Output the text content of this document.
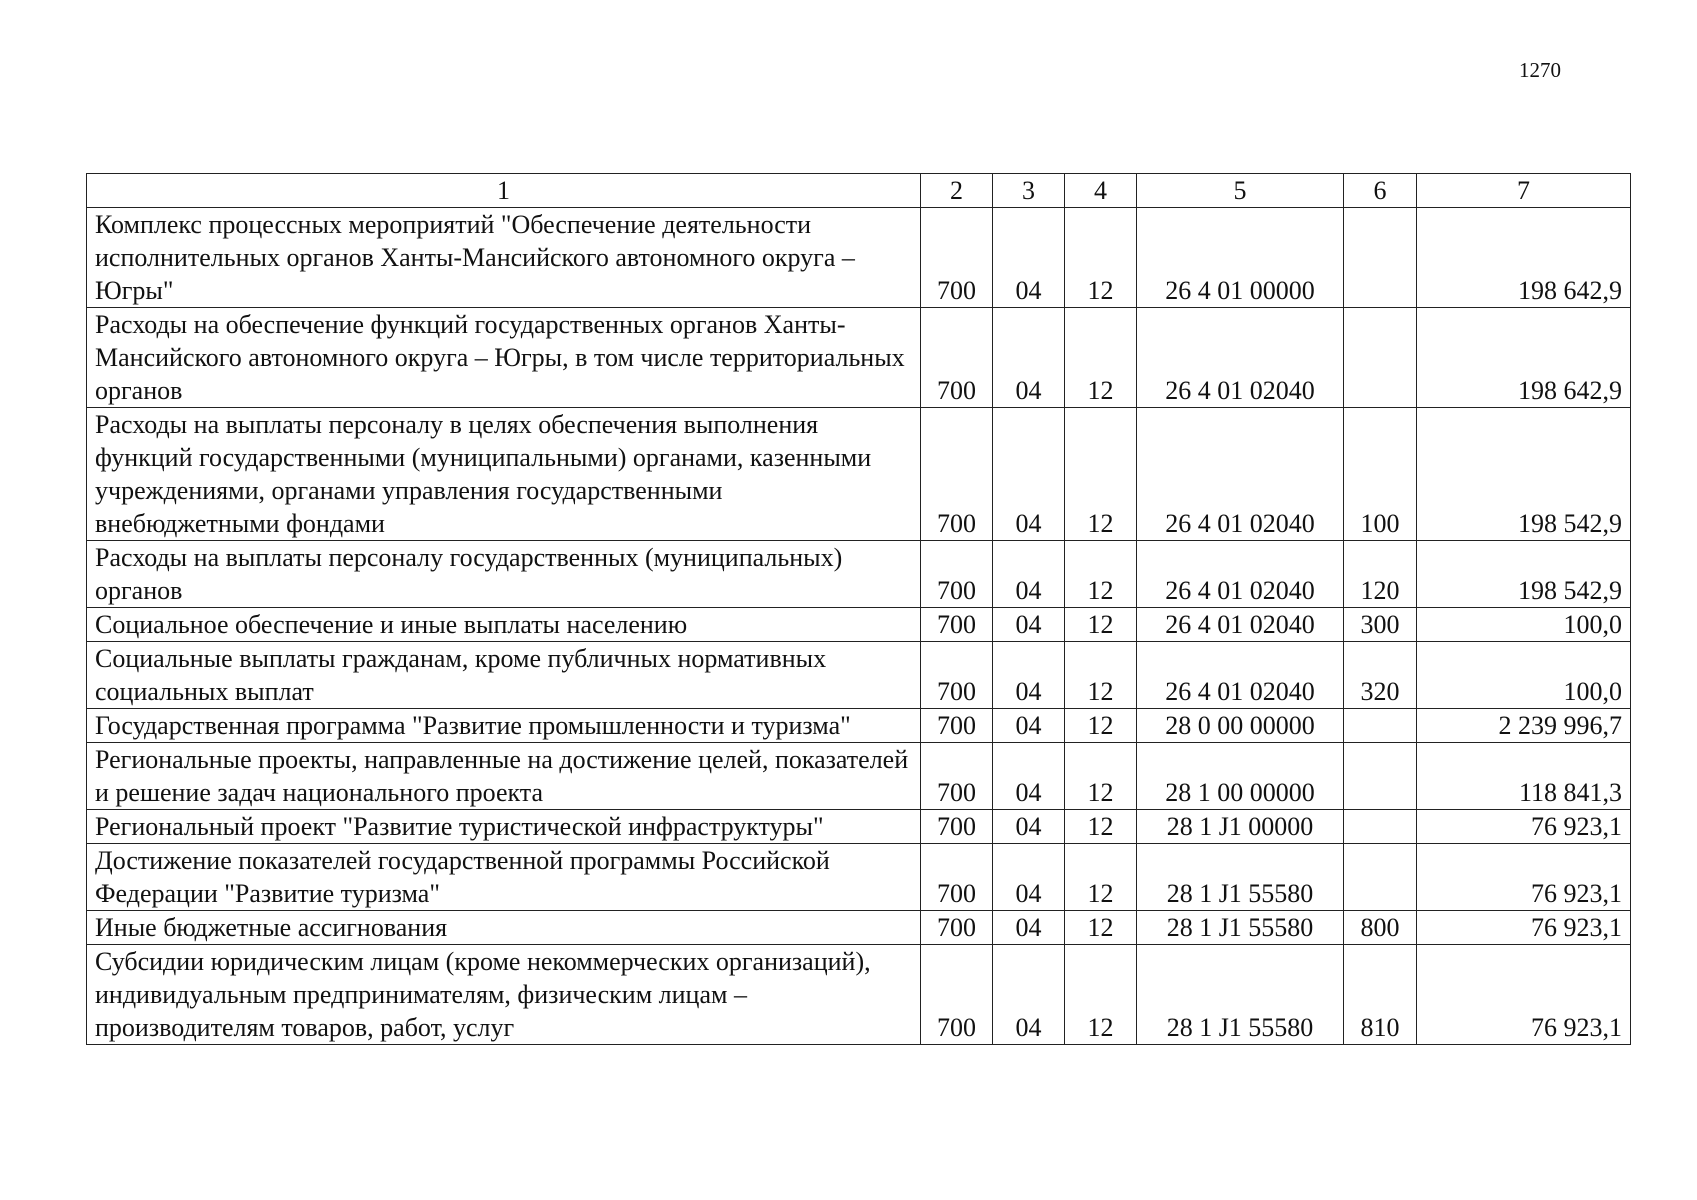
1270
1	2	3	4	5	6	7
Комплекс процессных мероприятий "Обеспечение деятельности исполнительных органов Ханты-Мансийского автономного округа – Югры"	700	04	12	26 4 01 00000		198 642,9
Расходы на обеспечение функций государственных органов Ханты-Мансийского автономного округа – Югры, в том числе территориальных органов	700	04	12	26 4 01 02040		198 642,9
Расходы на выплаты персоналу в целях обеспечения выполнения функций государственными (муниципальными) органами, казенными учреждениями, органами управления государственными внебюджетными фондами	700	04	12	26 4 01 02040	100	198 542,9
Расходы на выплаты персоналу государственных (муниципальных) органов	700	04	12	26 4 01 02040	120	198 542,9
Социальное обеспечение и иные выплаты населению	700	04	12	26 4 01 02040	300	100,0
Социальные выплаты гражданам, кроме публичных нормативных социальных выплат	700	04	12	26 4 01 02040	320	100,0
Государственная программа "Развитие промышленности и туризма"	700	04	12	28 0 00 00000		2 239 996,7
Региональные проекты, направленные на достижение целей, показателей и решение задач национального проекта	700	04	12	28 1 00 00000		118 841,3
Региональный проект "Развитие туристической инфраструктуры"	700	04	12	28 1 J1 00000		76 923,1
Достижение показателей государственной программы Российской Федерации "Развитие туризма"	700	04	12	28 1 J1 55580		76 923,1
Иные бюджетные ассигнования	700	04	12	28 1 J1 55580	800	76 923,1
Субсидии юридическим лицам (кроме некоммерческих организаций), индивидуальным предпринимателям, физическим лицам – производителям товаров, работ, услуг	700	04	12	28 1 J1 55580	810	76 923,1
